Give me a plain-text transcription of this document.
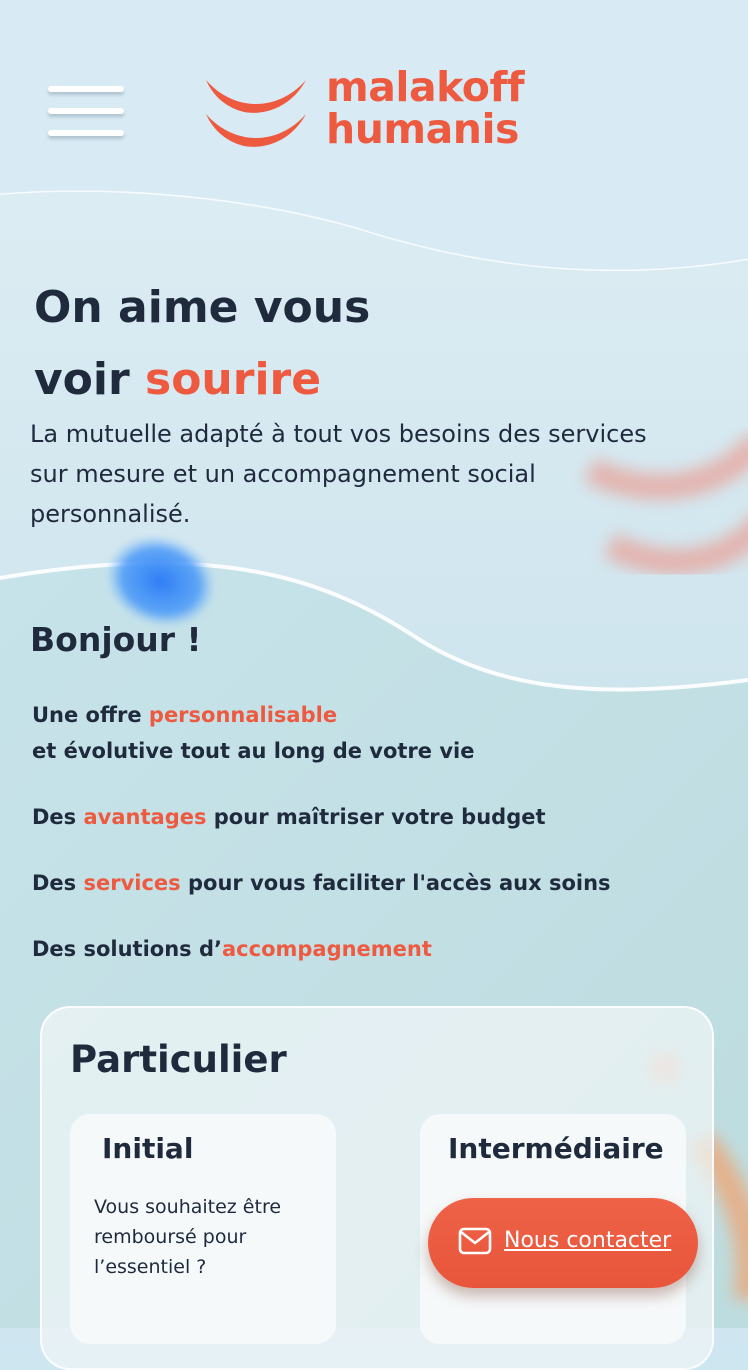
malakoff
humanis
On aime vous
voir sourire

La mutuelle adapté à tout vos besoins des services sur mesure et un accompagnement social personnalisé.

Bonjour !
Une offre personnalisable
et évolutive tout au long de votre vie
Des avantages pour maîtriser votre budget
Des services pour vous faciliter l'accès aux soins
Des solutions d’accompagnement
Particulier
Initial
Vous souhaitez être remboursé pour l’essentiel ?
Intermédiaire
Nous contacter
